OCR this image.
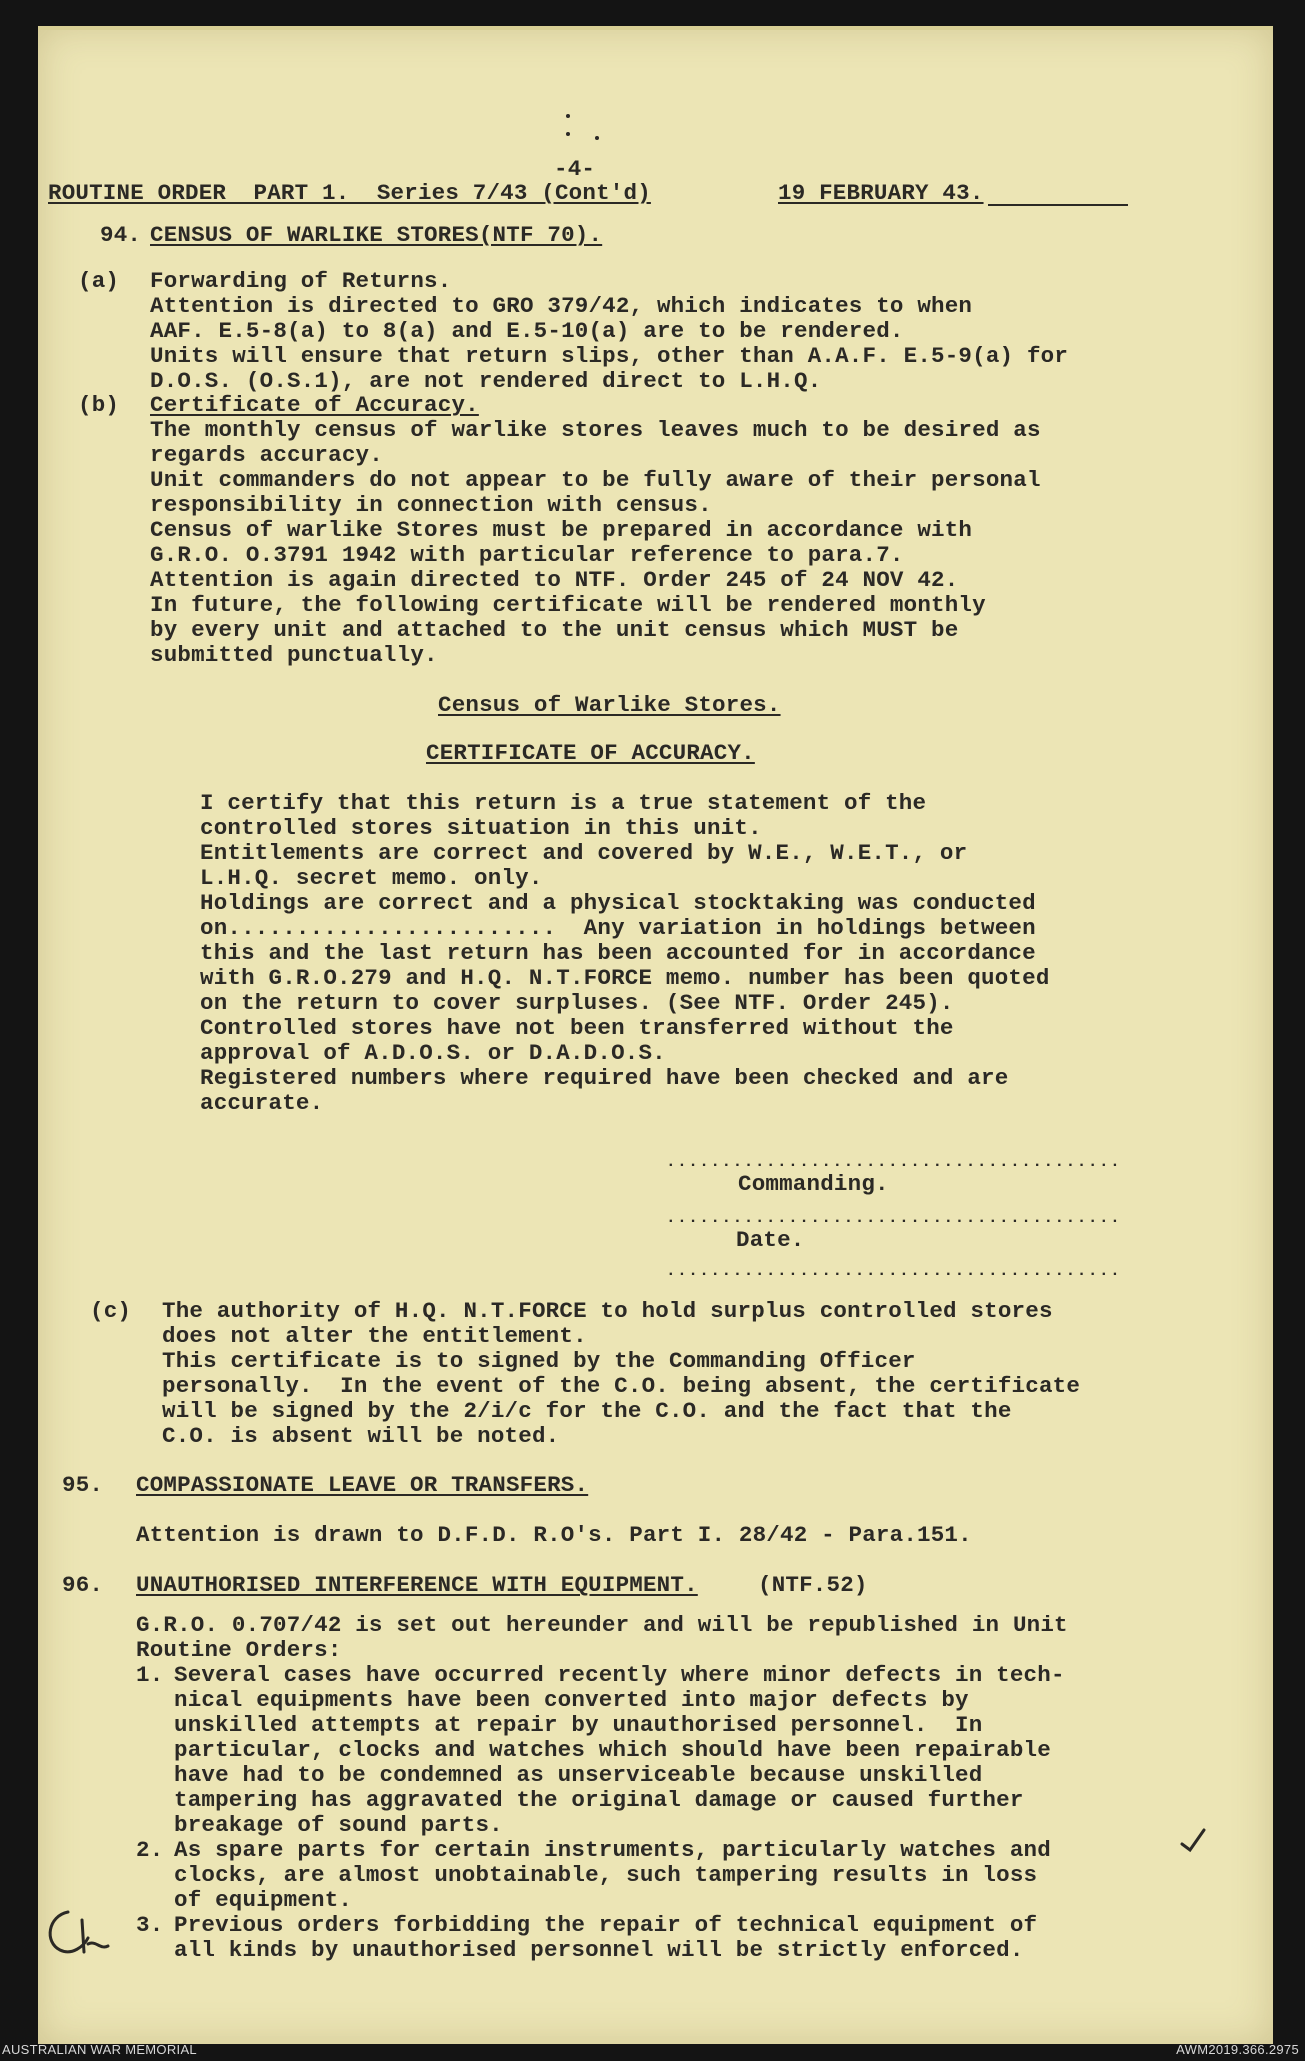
-4-
ROUTINE ORDER  PART 1.  Series 7/43 (Cont'd)	19 FEBRUARY 43.
94. CENSUS OF WARLIKE STORES(NTF 70).
(a) Forwarding of Returns.
Attention is directed to GRO 379/42, which indicates to when
AAF. E.5-8(a) to 8(a) and E.5-10(a) are to be rendered.
Units will ensure that return slips, other than A.A.F. E.5-9(a) for
D.O.S. (O.S.1), are not rendered direct to L.H.Q.
(b) Certificate of Accuracy.
The monthly census of warlike stores leaves much to be desired as
regards accuracy.
Unit commanders do not appear to be fully aware of their personal
responsibility in connection with census.
Census of warlike Stores must be prepared in accordance with
G.R.O. O.3791 1942 with particular reference to para.7.
Attention is again directed to NTF. Order 245 of 24 NOV 42.
In future, the following certificate will be rendered monthly
by every unit and attached to the unit census which MUST be
submitted punctually.
Census of Warlike Stores.
CERTIFICATE OF ACCURACY.
I certify that this return is a true statement of the
controlled stores situation in this unit.
Entitlements are correct and covered by W.E., W.E.T., or
L.H.Q. secret memo. only.
Holdings are correct and a physical stocktaking was conducted
on........................  Any variation in holdings between
this and the last return has been accounted for in accordance
with G.R.O.279 and H.Q. N.T.FORCE memo. number has been quoted
on the return to cover surpluses. (See NTF. Order 245).
Controlled stores have not been transferred without the
approval of A.D.O.S. or D.A.D.O.S.
Registered numbers where required have been checked and are
accurate.
.........................................
Commanding.
.........................................
Date.
.........................................
(c) The authority of H.Q. N.T.FORCE to hold surplus controlled stores
does not alter the entitlement.
This certificate is to signed by the Commanding Officer
personally.  In the event of the C.O. being absent, the certificate
will be signed by the 2/i/c for the C.O. and the fact that the
C.O. is absent will be noted.
95. COMPASSIONATE LEAVE OR TRANSFERS.
Attention is drawn to D.F.D. R.O's. Part I. 28/42 - Para.151.
96. UNAUTHORISED INTERFERENCE WITH EQUIPMENT.	(NTF.52)
G.R.O. 0.707/42 is set out hereunder and will be republished in Unit
Routine Orders:
1. Several cases have occurred recently where minor defects in tech-
nical equipments have been converted into major defects by
unskilled attempts at repair by unauthorised personnel.  In
particular, clocks and watches which should have been repairable
have had to be condemned as unserviceable because unskilled
tampering has aggravated the original damage or caused further
breakage of sound parts.
2. As spare parts for certain instruments, particularly watches and
clocks, are almost unobtainable, such tampering results in loss
of equipment.
3. Previous orders forbidding the repair of technical equipment of
all kinds by unauthorised personnel will be strictly enforced.
AUSTRALIAN WAR MEMORIAL	AWM2019.366.2975
